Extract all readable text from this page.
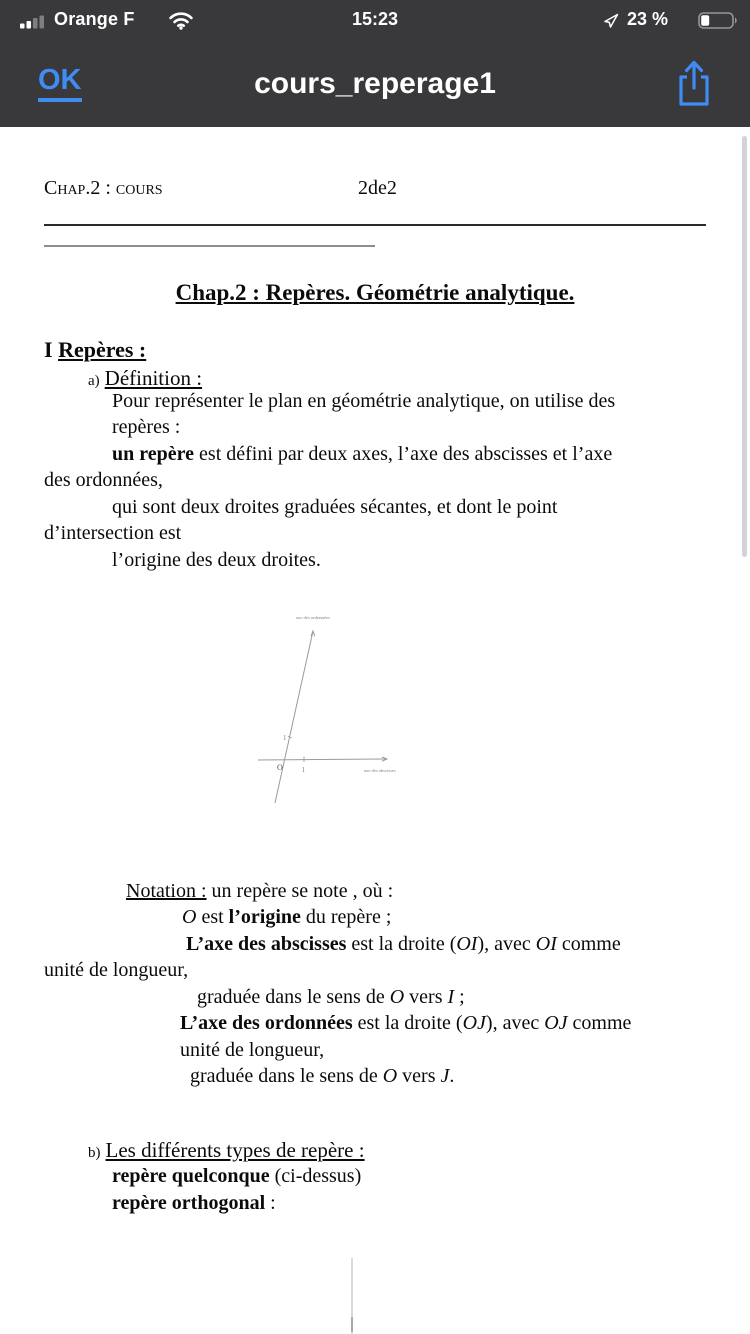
Orange F	15:23	23 %
OK	cours_reperage1
Chap.2 : cours	2de2
Chap.2 : Repères. Géométrie analytique.
I Repères :
a) Définition :
Pour représenter le plan en géométrie analytique, on utilise des
repères :
un repère est défini par deux axes, l’axe des abscisses et l’axe
des ordonnées,
qui sont deux droites graduées sécantes, et dont le point
d’intersection est
l’origine des deux droites.
1
1
O
axe des ordonnées
axe des abscisses
Notation : un repère se note , où :
O est l’origine du repère ;
L’axe des abscisses est la droite (OI), avec OI comme
unité de longueur,
graduée dans le sens de O vers I ;
L’axe des ordonnées est la droite (OJ), avec OJ comme
unité de longueur,
graduée dans le sens de O vers J.
b) Les différents types de repère :
repère quelconque (ci-dessus)
repère orthogonal :
